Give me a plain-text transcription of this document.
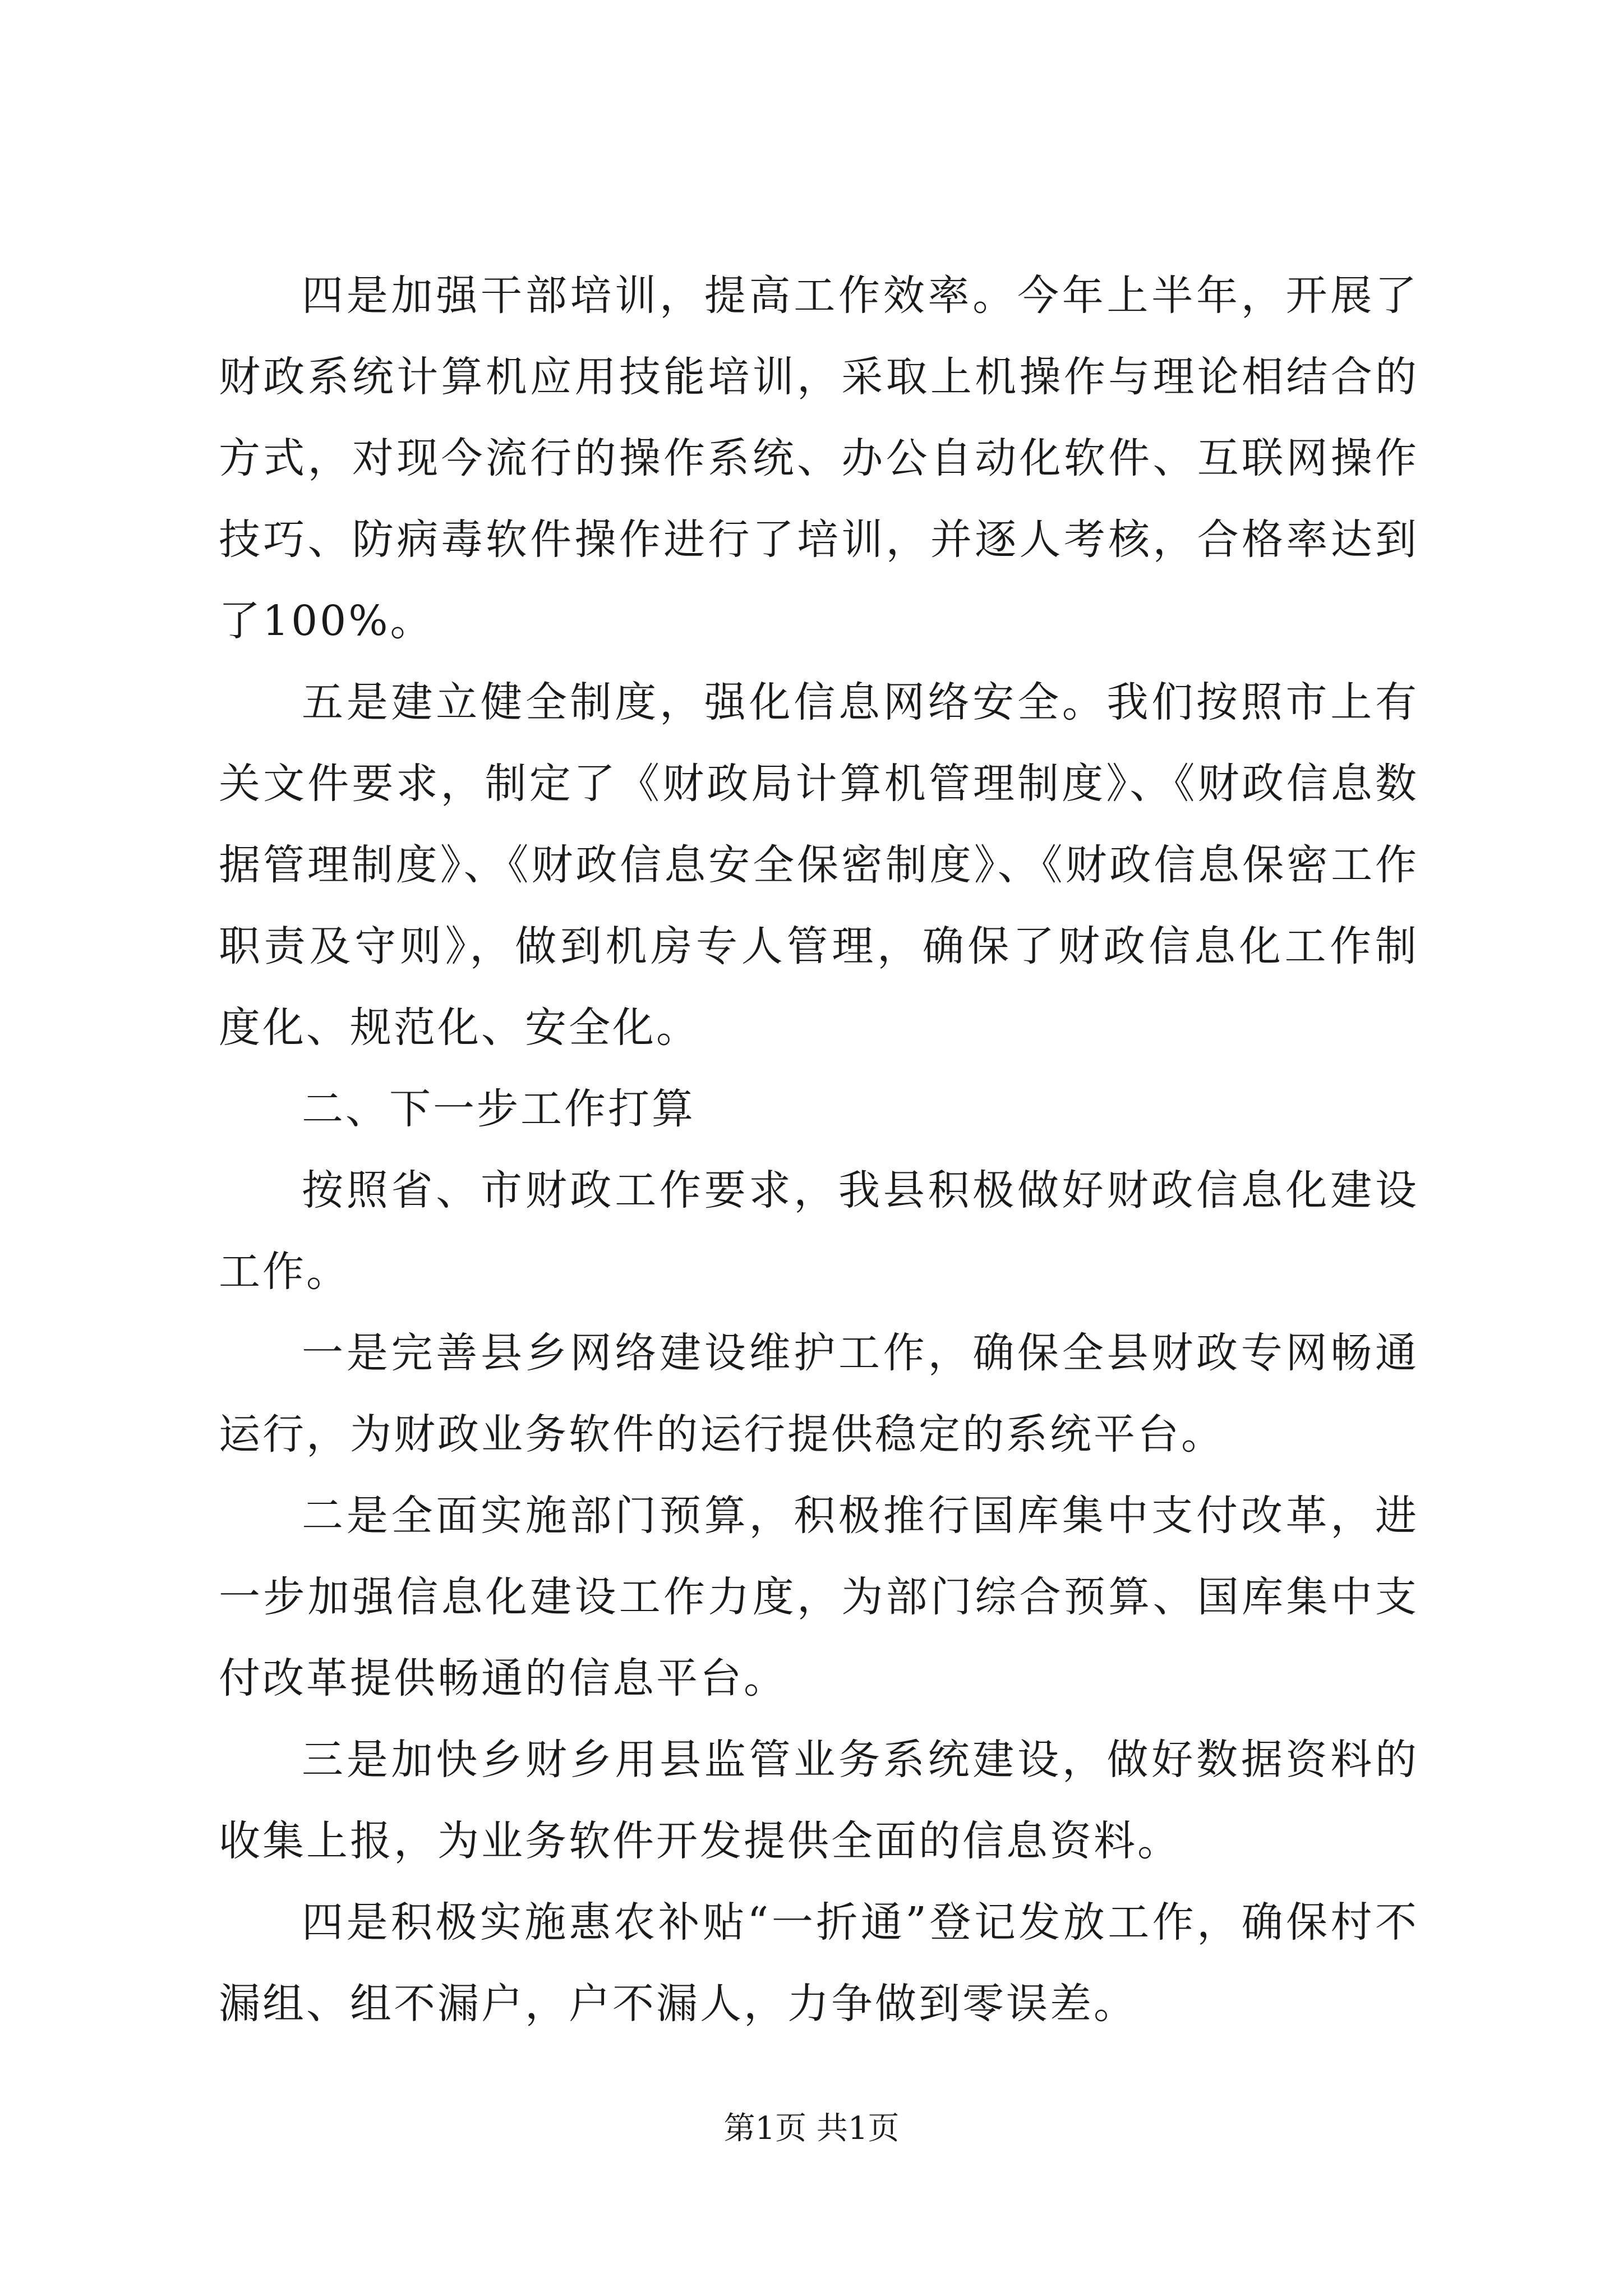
四是加强干部培训，提高工作效率。今年上半年，开展了财政系统计算机应用技能培训，采取上机操作与理论相结合的方式，对现今流行的操作系统、办公自动化软件、互联网操作技巧、防病毒软件操作进行了培训，并逐人考核，合格率达到了100%。

五是建立健全制度，强化信息网络安全。我们按照市上有关文件要求，制定了《财政局计算机管理制度》、《财政信息数据管理制度》、《财政信息安全保密制度》、《财政信息保密工作职责及守则》，做到机房专人管理，确保了财政信息化工作制度化、规范化、安全化。

二、下一步工作打算

按照省、市财政工作要求，我县积极做好财政信息化建设工作。

一是完善县乡网络建设维护工作，确保全县财政专网畅通运行，为财政业务软件的运行提供稳定的系统平台。

二是全面实施部门预算，积极推行国库集中支付改革，进一步加强信息化建设工作力度，为部门综合预算、国库集中支付改革提供畅通的信息平台。

三是加快乡财乡用县监管业务系统建设，做好数据资料的收集上报，为业务软件开发提供全面的信息资料。

四是积极实施惠农补贴“一折通”登记发放工作，确保村不漏组、组不漏户，户不漏人，力争做到零误差。

第1页 共1页
